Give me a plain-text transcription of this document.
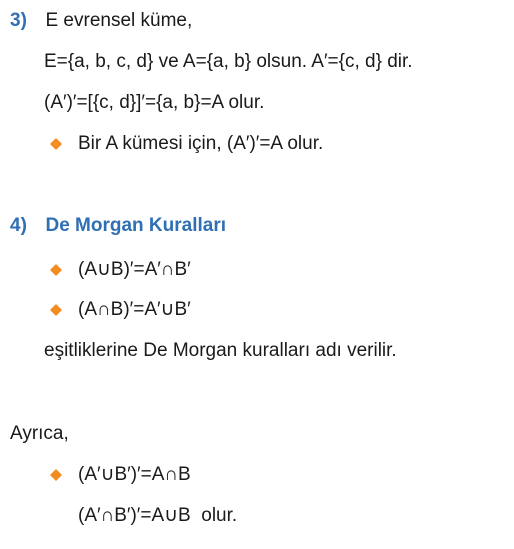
3) E evrensel küme,
E={a, b, c, d} ve A={a, b} olsun. A′={c, d} dir.
(A′)′=[{c, d}]′={a, b}=A olur.
Bir A kümesi için, (A′)′=A olur.
4) De Morgan Kuralları
(A∪B)′=A′∩B′
(A∩B)′=A′∪B′
eşitliklerine De Morgan kuralları adı verilir.
Ayrıca,
(A′∪B′)′=A∩B
(A′∩B′)′=A∪B  olur.
